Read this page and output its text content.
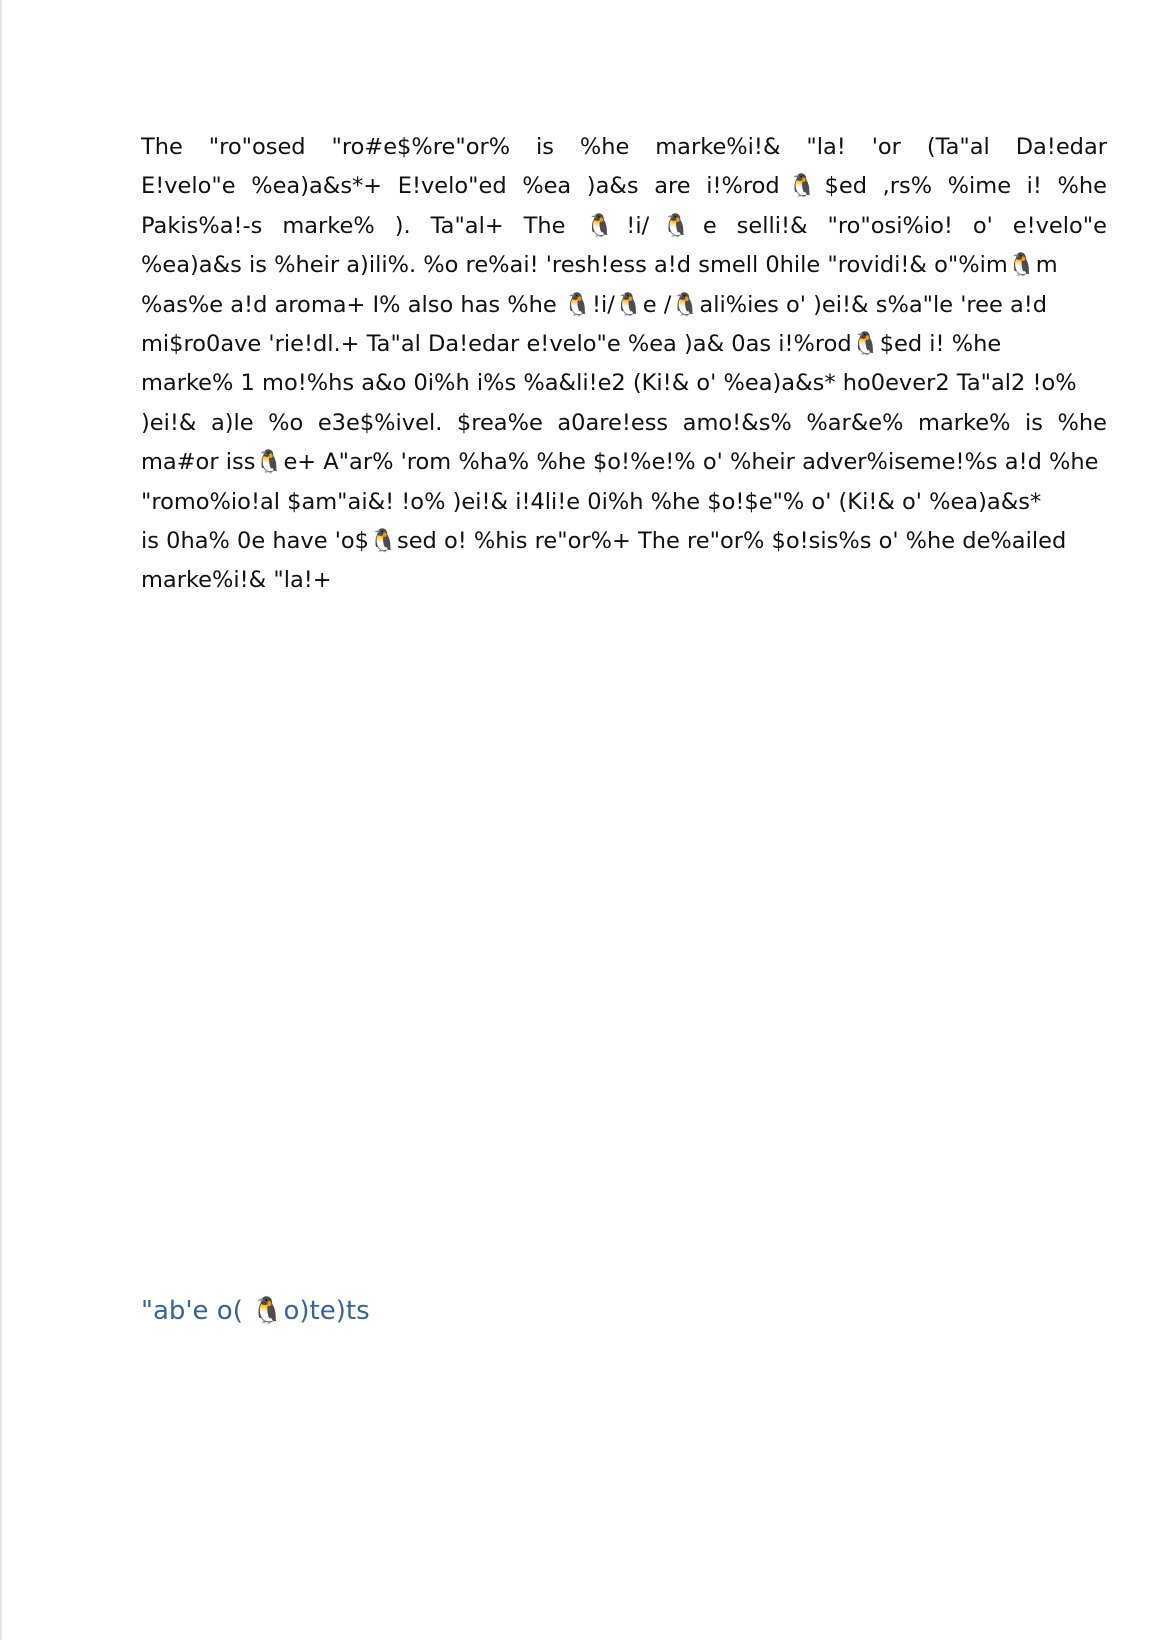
The "ro"osed "ro#e$%re"or% is %he marke%i!& "la! 'or (Ta"al Da!edar
E!velo"e %ea)a&s*+ E!velo"ed %ea )a&s are i!%rod🐧$ed ,rs% %ime i! %he
Pakis%a!-s marke% ). Ta"al+ The 🐧!i/🐧e selli!& "ro"osi%io! o' e!velo"e
%ea)a&s is %heir a)ili%. %o re%ai! 'resh!ess a!d smell 0hile "rovidi!& o"%im🐧m
%as%e a!d aroma+ I% also has %he 🐧!i/🐧e /🐧ali%ies o' )ei!& s%a"le 'ree a!d
mi$ro0ave 'rie!dl.+ Ta"al Da!edar e!velo"e %ea )a& 0as i!%rod🐧$ed i! %he
marke% 1 mo!%hs a&o 0i%h i%s %a&li!e2 (Ki!& o' %ea)a&s* ho0ever2 Ta"al2 !o%
)ei!& a)le %o e3e$%ivel. $rea%e a0are!ess amo!&s% %ar&e% marke% is %he
ma#or iss🐧e+ A"ar% 'rom %ha% %he $o!%e!% o' %heir adver%iseme!%s a!d %he
"romo%io!al $am"ai&! !o% )ei!& i!4li!e 0i%h %he $o!$e"% o' (Ki!& o' %ea)a&s*
is 0ha% 0e have 'o$🐧sed o! %his re"or%+ The re"or% $o!sis%s o' %he de%ailed
marke%i!& "la!+
"ab'e o( 🐧o)te)ts
